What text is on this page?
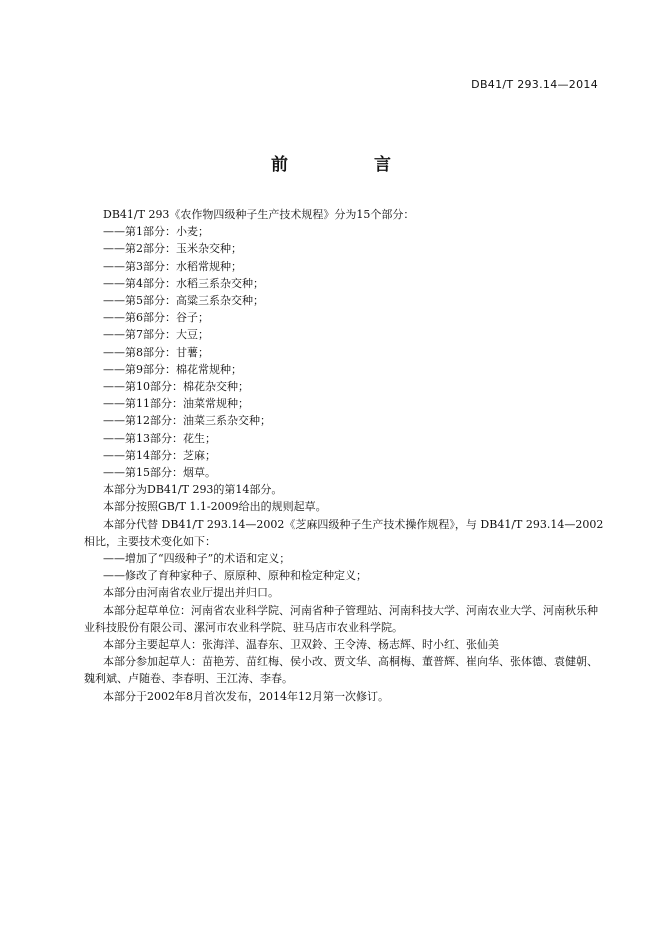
DB41/T 293.14—2014
前 言
DB41/T 293《农作物四级种子生产技术规程》分为15个部分：
——第1部分：小麦；
——第2部分：玉米杂交种；
——第3部分：水稻常规种；
——第4部分：水稻三系杂交种；
——第5部分：高粱三系杂交种；
——第6部分：谷子；
——第7部分：大豆；
——第8部分：甘薯；
——第9部分：棉花常规种；
——第10部分：棉花杂交种；
——第11部分：油菜常规种；
——第12部分：油菜三系杂交种；
——第13部分：花生；
——第14部分：芝麻；
——第15部分：烟草。
本部分为DB41/T 293的第14部分。
本部分按照GB/T 1.1-2009给出的规则起草。
本部分代替 DB41/T 293.14—2002《芝麻四级种子生产技术操作规程》，与 DB41/T 293.14—2002相比，主要技术变化如下：
——增加了“四级种子”的术语和定义；
——修改了育种家种子、原原种、原种和检定种定义；
本部分由河南省农业厅提出并归口。
本部分起草单位：河南省农业科学院、河南省种子管理站、河南科技大学、河南农业大学、河南秋乐种业科技股份有限公司、漯河市农业科学院、驻马店市农业科学院。
本部分主要起草人：张海洋、温春东、卫双鈴、王令涛、杨志辉、时小红、张仙美
本部分参加起草人：苗艳芳、苗红梅、侯小改、贾文华、高桐梅、董普辉、崔向华、张体德、袁健朝、魏利斌、卢随卷、李春明、王江涛、李春。
本部分于2002年8月首次发布，2014年12月第一次修订。
